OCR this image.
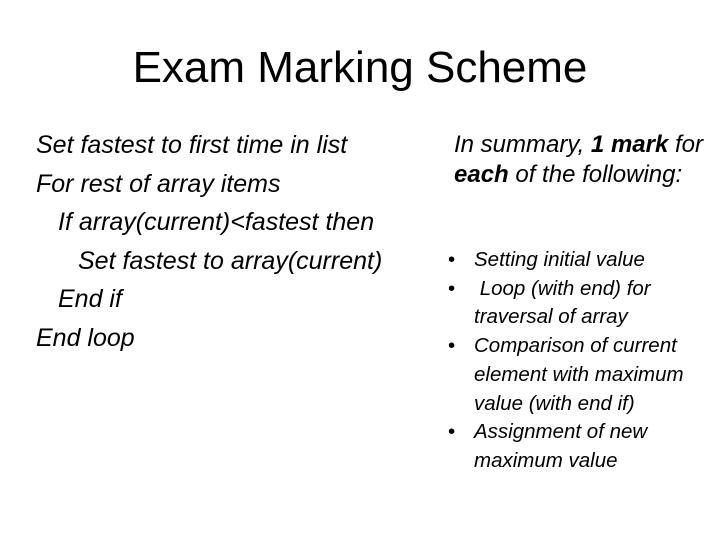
Exam Marking Scheme
Set fastest to first time in list
For rest of array items
If array(current)<fastest then
Set fastest to array(current)
End if
End loop
In summary, 1 mark for each of the following:
• Setting initial value
• Loop (with end) for traversal of array
• Comparison of current element with maximum value (with end if)
• Assignment of new maximum value
